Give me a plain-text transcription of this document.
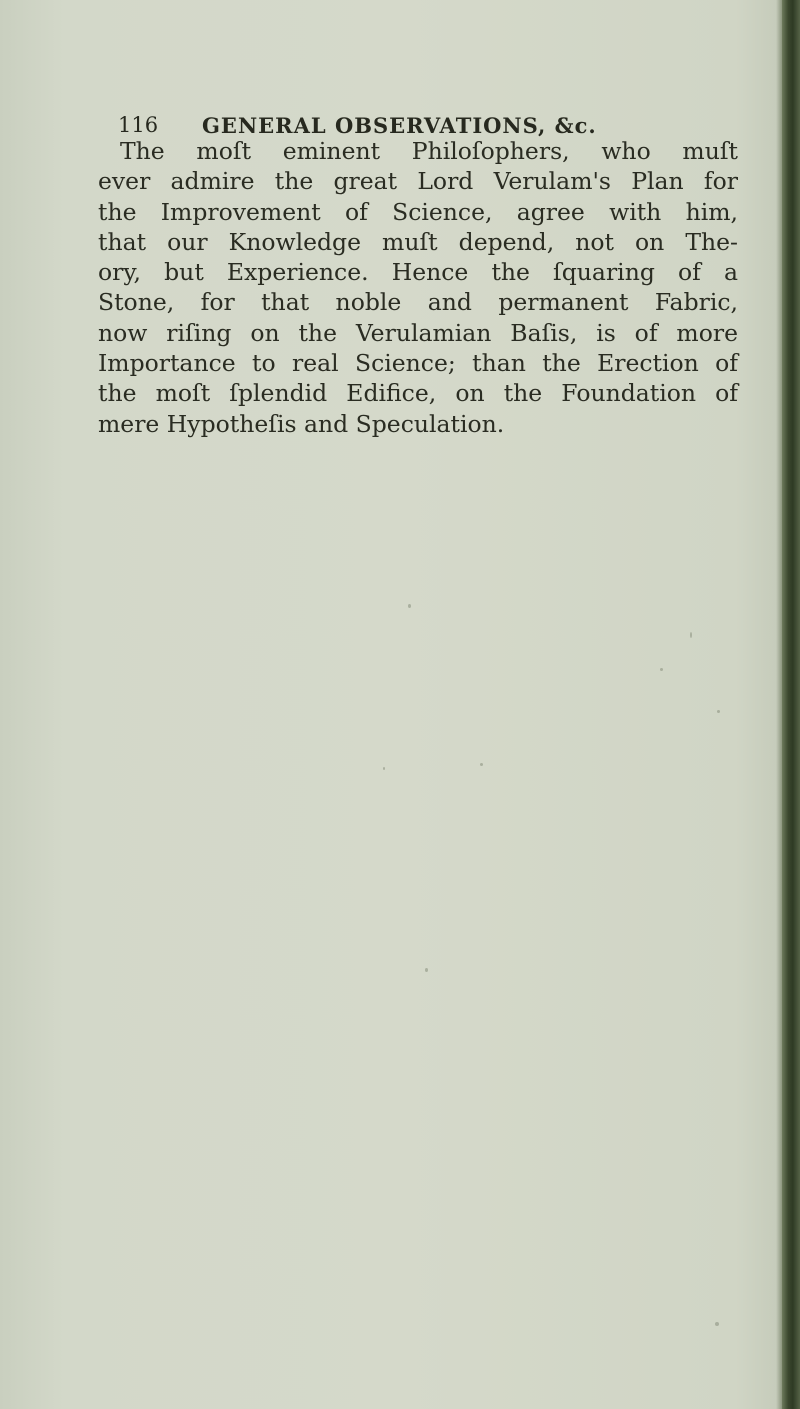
116 GENERAL OBSERVATIONS, &c.
The moſt eminent Philoſophers, who muſt
ever admire the great Lord Verulam's Plan for
the Improvement of Science, agree with him,
that our Knowledge muſt depend, not on The-
ory, but Experience. Hence the ſquaring of a
Stone, for that noble and permanent Fabric,
now riſing on the Verulamian Baſis, is of more
Importance to real Science; than the Erection of
the moſt ſplendid Edifice, on the Foundation of
mere Hypotheſis and Speculation.
